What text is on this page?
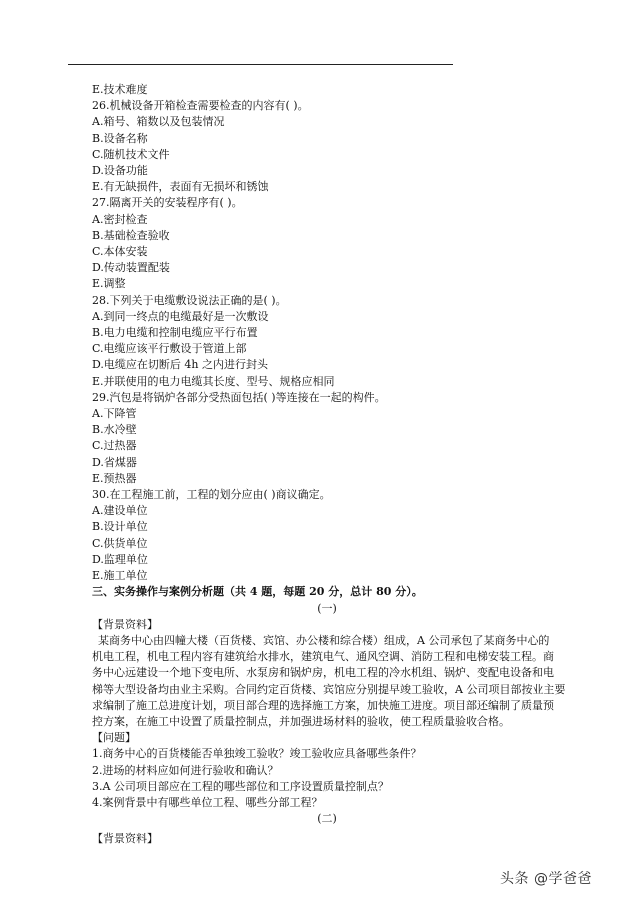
E.技术难度
26.机械设备开箱检查需要检查的内容有( )。
A.箱号、箱数以及包装情况
B.设备名称
C.随机技术文件
D.设备功能
E.有无缺损件，表面有无损坏和锈蚀
27.隔离开关的安装程序有( )。
A.密封检查
B.基础检查验收
C.本体安装
D.传动装置配装
E.调整
28.下列关于电缆敷设说法正确的是( )。
A.到同一终点的电缆最好是一次敷设
B.电力电缆和控制电缆应平行布置
C.电缆应该平行敷设于管道上部
D.电缆应在切断后 4h 之内进行封头
E.并联使用的电力电缆其长度、型号、规格应相同
29.汽包是将锅炉各部分受热面包括( )等连接在一起的构件。
A.下降管
B.水冷壁
C.过热器
D.省煤器
E.预热器
30.在工程施工前，工程的划分应由( )商议确定。
A.建设单位
B.设计单位
C.供货单位
D.监理单位
E.施工单位
三、实务操作与案例分析题（共 4 题，每题 20 分，总计 80 分）。
(一)
【背景资料】
某商务中心由四幢大楼（百货楼、宾馆、办公楼和综合楼）组成，A 公司承包了某商务中心的
机电工程，机电工程内容有建筑给水排水，建筑电气、通风空调、消防工程和电梯安装工程。商
务中心远建设一个地下变电所、水泵房和锅炉房，机电工程的冷水机组、锅炉、变配电设备和电
梯等大型设备均由业主采购。合同约定百货楼、宾馆应分别提早竣工验收，A 公司项目部按业主要
求编制了施工总进度计划，项目部合理的选择施工方案，加快施工进度。项目部还编制了质量预
控方案，在施工中设置了质量控制点，并加强进场材料的验收，使工程质量验收合格。
【问题】
1.商务中心的百货楼能否单独竣工验收？竣工验收应具备哪些条件？
2.进场的材料应如何进行验收和确认？
3.A 公司项目部应在工程的哪些部位和工序设置质量控制点？
4.案例背景中有哪些单位工程、哪些分部工程？
(二)
【背景资料】
头条 @学爸爸
